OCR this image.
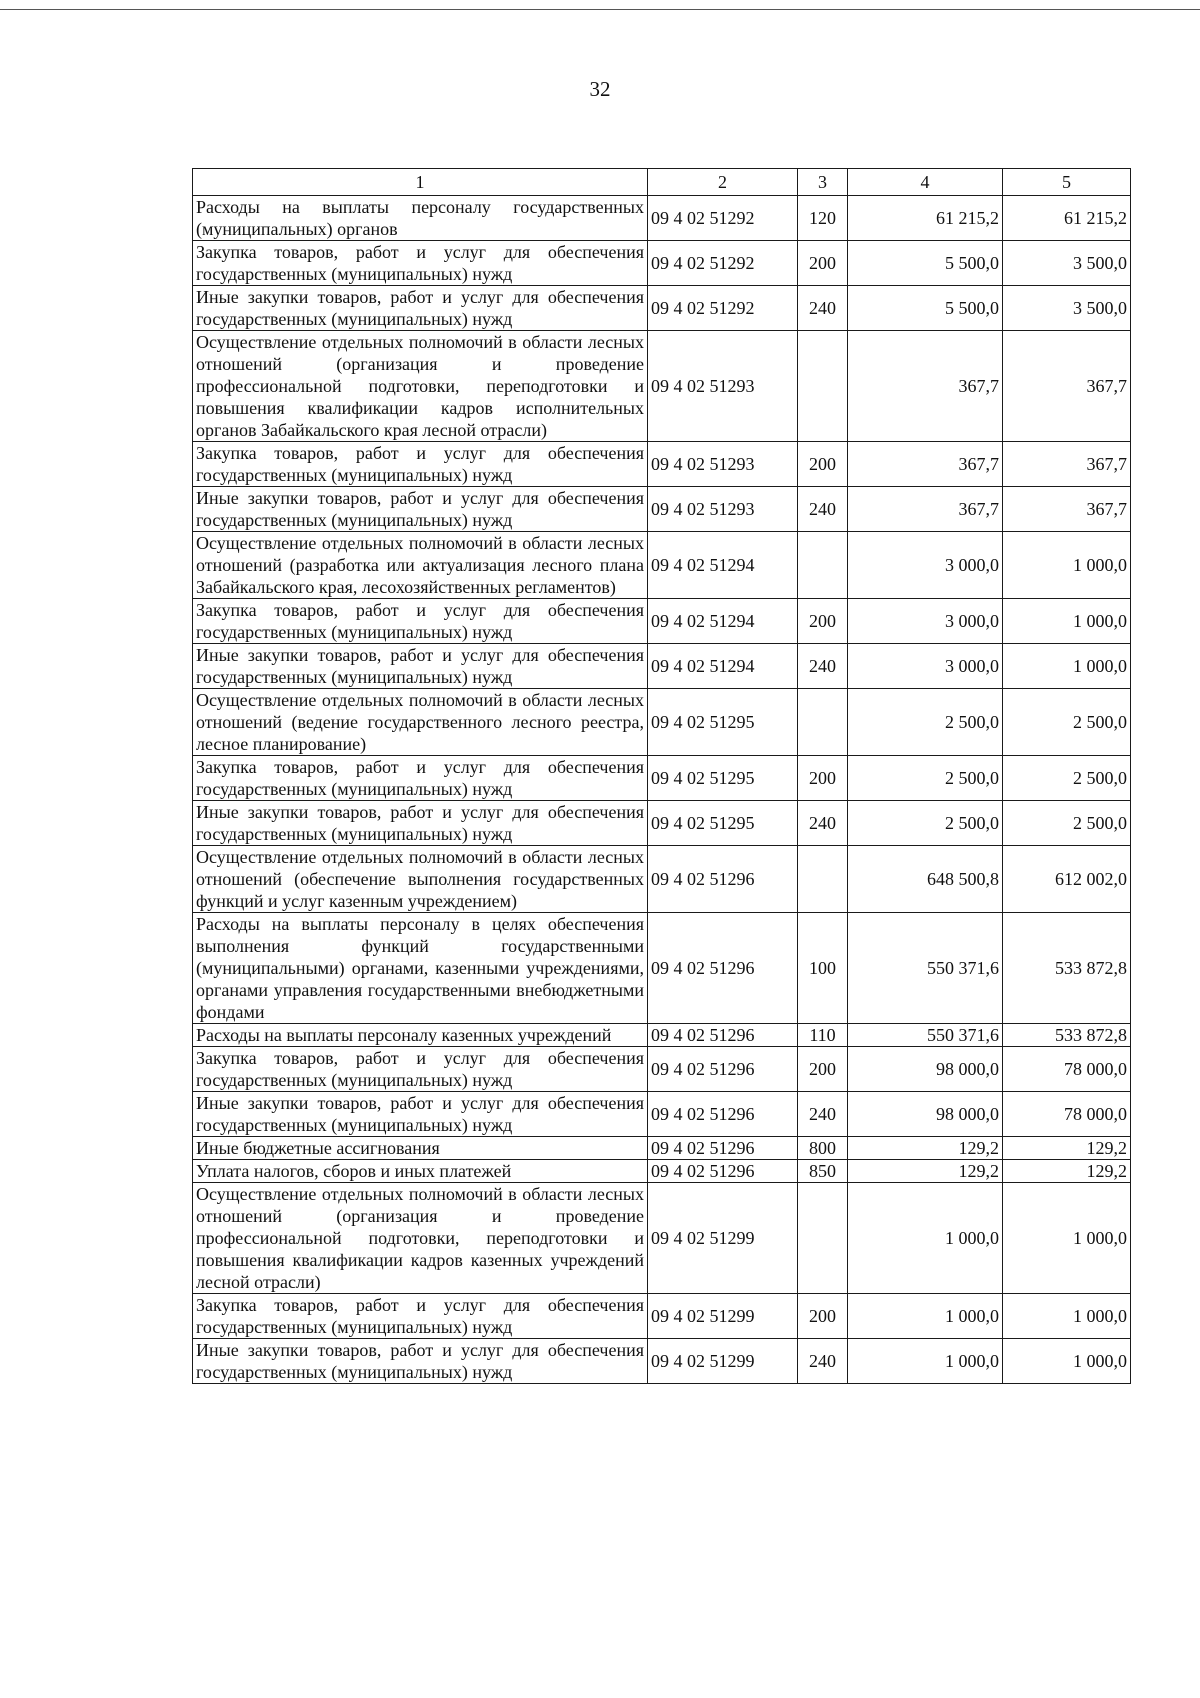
32
1	2	3	4	5
Расходы на выплаты персоналу государственных (муниципальных) органов	09 4 02 51292	120	61 215,2	61 215,2
Закупка товаров, работ и услуг для обеспечения государственных (муниципальных) нужд	09 4 02 51292	200	5 500,0	3 500,0
Иные закупки товаров, работ и услуг для обеспечения государственных (муниципальных) нужд	09 4 02 51292	240	5 500,0	3 500,0
Осуществление отдельных полномочий в области лесных отношений (организация и проведение профессиональной подготовки, переподготовки и повышения квалификации кадров исполнительных органов Забайкальского края лесной отрасли)	09 4 02 51293		367,7	367,7
Закупка товаров, работ и услуг для обеспечения государственных (муниципальных) нужд	09 4 02 51293	200	367,7	367,7
Иные закупки товаров, работ и услуг для обеспечения государственных (муниципальных) нужд	09 4 02 51293	240	367,7	367,7
Осуществление отдельных полномочий в области лесных отношений (разработка или актуализация лесного плана Забайкальского края, лесохозяйственных регламентов)	09 4 02 51294		3 000,0	1 000,0
Закупка товаров, работ и услуг для обеспечения государственных (муниципальных) нужд	09 4 02 51294	200	3 000,0	1 000,0
Иные закупки товаров, работ и услуг для обеспечения государственных (муниципальных) нужд	09 4 02 51294	240	3 000,0	1 000,0
Осуществление отдельных полномочий в области лесных отношений (ведение государственного лесного реестра, лесное планирование)	09 4 02 51295		2 500,0	2 500,0
Закупка товаров, работ и услуг для обеспечения государственных (муниципальных) нужд	09 4 02 51295	200	2 500,0	2 500,0
Иные закупки товаров, работ и услуг для обеспечения государственных (муниципальных) нужд	09 4 02 51295	240	2 500,0	2 500,0
Осуществление отдельных полномочий в области лесных отношений (обеспечение выполнения государственных функций и услуг казенным учреждением)	09 4 02 51296		648 500,8	612 002,0
Расходы на выплаты персоналу в целях обеспечения выполнения функций государственными (муниципальными) органами, казенными учреждениями, органами управления государственными внебюджетными фондами	09 4 02 51296	100	550 371,6	533 872,8
Расходы на выплаты персоналу казенных учреждений	09 4 02 51296	110	550 371,6	533 872,8
Закупка товаров, работ и услуг для обеспечения государственных (муниципальных) нужд	09 4 02 51296	200	98 000,0	78 000,0
Иные закупки товаров, работ и услуг для обеспечения государственных (муниципальных) нужд	09 4 02 51296	240	98 000,0	78 000,0
Иные бюджетные ассигнования	09 4 02 51296	800	129,2	129,2
Уплата налогов, сборов и иных платежей	09 4 02 51296	850	129,2	129,2
Осуществление отдельных полномочий в области лесных отношений (организация и проведение профессиональной подготовки, переподготовки и повышения квалификации кадров казенных учреждений лесной отрасли)	09 4 02 51299		1 000,0	1 000,0
Закупка товаров, работ и услуг для обеспечения государственных (муниципальных) нужд	09 4 02 51299	200	1 000,0	1 000,0
Иные закупки товаров, работ и услуг для обеспечения государственных (муниципальных) нужд	09 4 02 51299	240	1 000,0	1 000,0
